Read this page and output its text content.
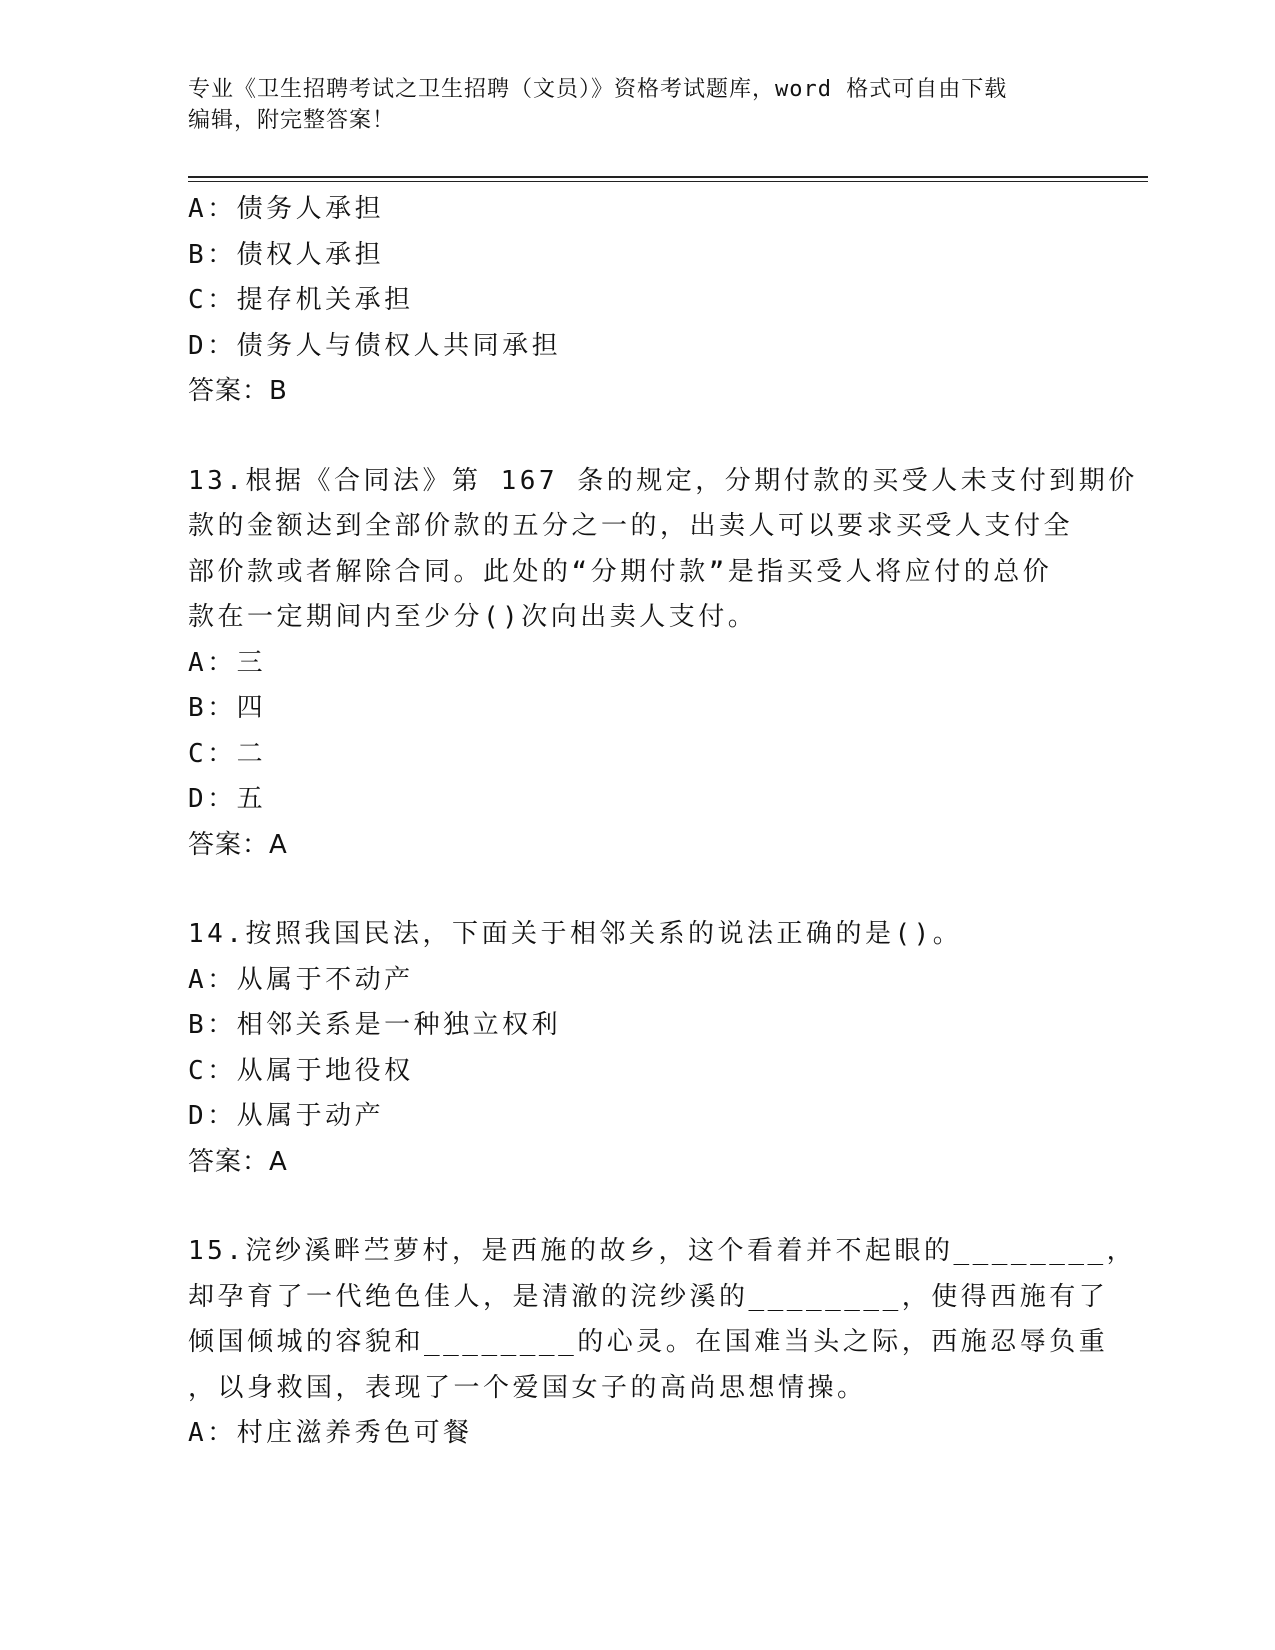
专业《卫生招聘考试之卫生招聘（文员）》资格考试题库，word 格式可自由下载
编辑，附完整答案！
A：债务人承担
B：债权人承担
C：提存机关承担
D：债务人与债权人共同承担
答案：B
13.根据《合同法》第 167 条的规定，分期付款的买受人未支付到期价
款的金额达到全部价款的五分之一的，出卖人可以要求买受人支付全
部价款或者解除合同。此处的“分期付款”是指买受人将应付的总价
款在一定期间内至少分()次向出卖人支付。
A：三
B：四
C：二
D：五
答案：A
14.按照我国民法，下面关于相邻关系的说法正确的是()。
A：从属于不动产
B：相邻关系是一种独立权利
C：从属于地役权
D：从属于动产
答案：A
15.浣纱溪畔苎萝村，是西施的故乡，这个看着并不起眼的________，
却孕育了一代绝色佳人，是清澈的浣纱溪的________，使得西施有了
倾国倾城的容貌和________的心灵。在国难当头之际，西施忍辱负重
，以身救国，表现了一个爱国女子的高尚思想情操。
A：村庄滋养秀色可餐
